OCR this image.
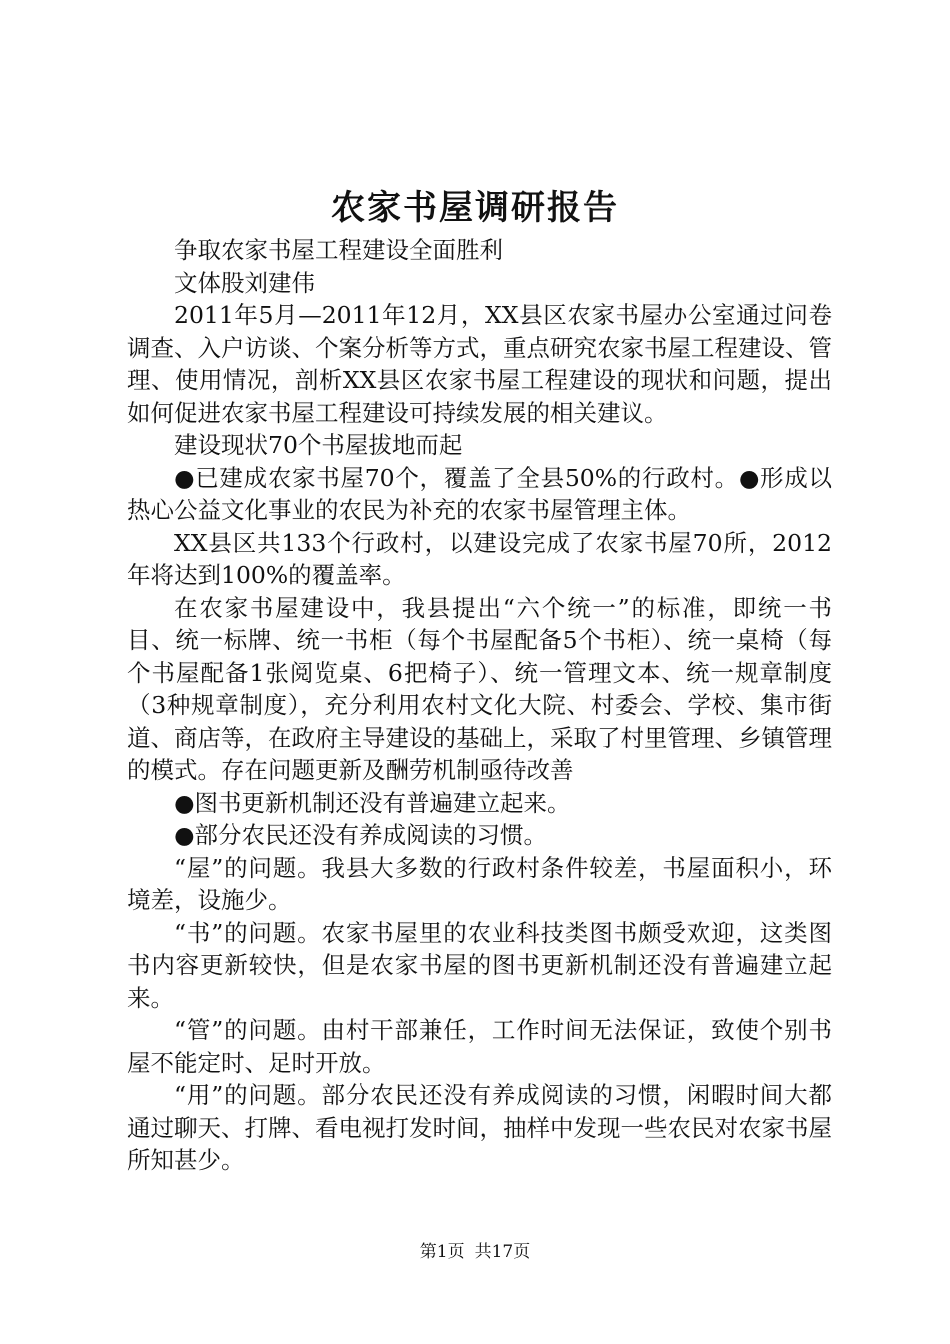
农家书屋调研报告

争取农家书屋工程建设全面胜利

文体股刘建伟

2011年5月—2011年12月，XX县区农家书屋办公室通过问卷调查、入户访谈、个案分析等方式，重点研究农家书屋工程建设、管理、使用情况，剖析XX县区农家书屋工程建设的现状和问题，提出如何促进农家书屋工程建设可持续发展的相关建议。

建设现状70个书屋拔地而起

●已建成农家书屋70个，覆盖了全县50%的行政村。●形成以热心公益文化事业的农民为补充的农家书屋管理主体。

XX县区共133个行政村，以建设完成了农家书屋70所，2012年将达到100%的覆盖率。

在农家书屋建设中，我县提出“六个统一”的标准，即统一书目、统一标牌、统一书柜（每个书屋配备5个书柜）、统一桌椅（每个书屋配备1张阅览桌、6把椅子）、统一管理文本、统一规章制度（3种规章制度），充分利用农村文化大院、村委会、学校、集市街道、商店等，在政府主导建设的基础上，采取了村里管理、乡镇管理的模式。存在问题更新及酬劳机制亟待改善

●图书更新机制还没有普遍建立起来。

●部分农民还没有养成阅读的习惯。

“屋”的问题。我县大多数的行政村条件较差，书屋面积小，环境差，设施少。

“书”的问题。农家书屋里的农业科技类图书颇受欢迎，这类图书内容更新较快，但是农家书屋的图书更新机制还没有普遍建立起来。

“管”的问题。由村干部兼任，工作时间无法保证，致使个别书屋不能定时、足时开放。

“用”的问题。部分农民还没有养成阅读的习惯，闲暇时间大都通过聊天、打牌、看电视打发时间，抽样中发现一些农民对农家书屋所知甚少。

第1页 共17页
